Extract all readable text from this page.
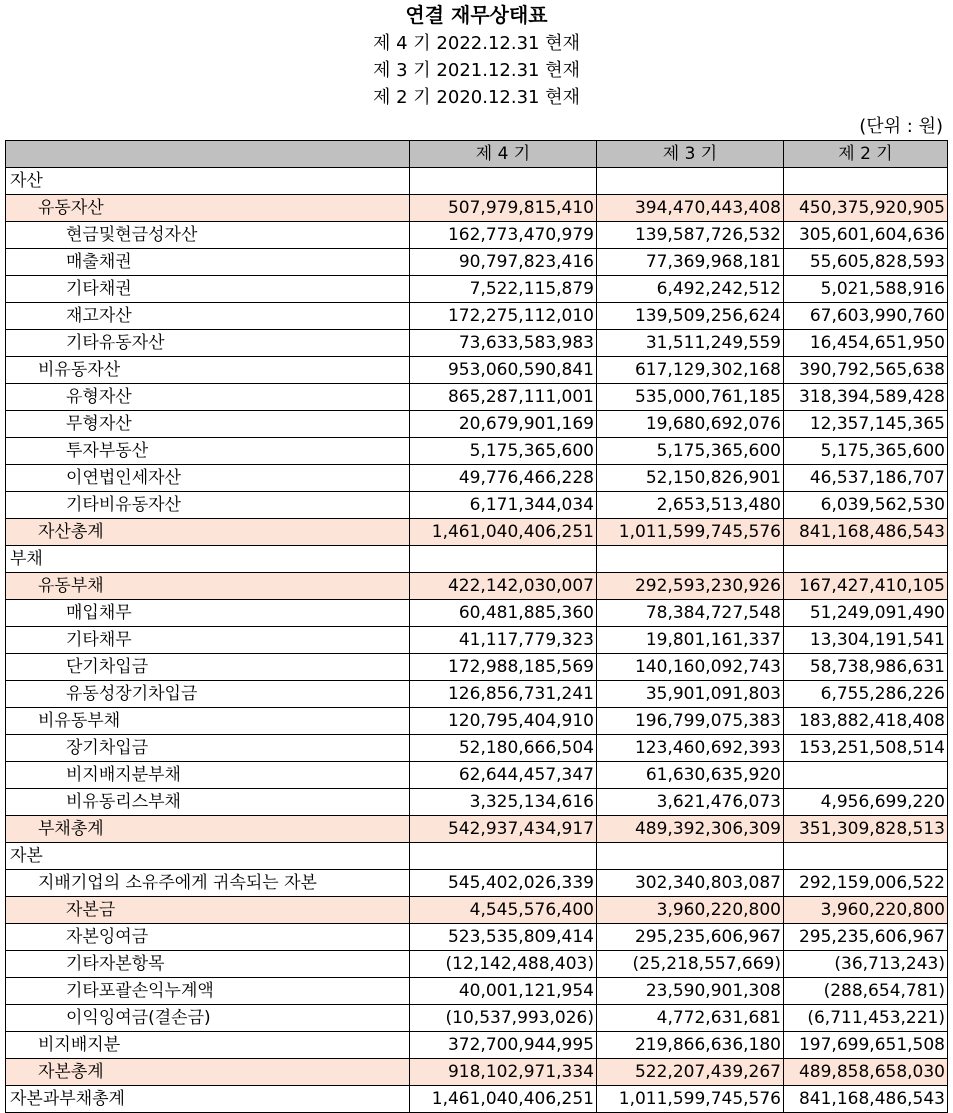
연결 재무상태표
제 4 기 2022.12.31 현재
제 3 기 2021.12.31 현재
제 2 기 2020.12.31 현재
(단위 : 원)
	제 4 기	제 3 기	제 2 기
자산			
유동자산	507,979,815,410	394,470,443,408	450,375,920,905
현금및현금성자산	162,773,470,979	139,587,726,532	305,601,604,636
매출채권	90,797,823,416	77,369,968,181	55,605,828,593
기타채권	7,522,115,879	6,492,242,512	5,021,588,916
재고자산	172,275,112,010	139,509,256,624	67,603,990,760
기타유동자산	73,633,583,983	31,511,249,559	16,454,651,950
비유동자산	953,060,590,841	617,129,302,168	390,792,565,638
유형자산	865,287,111,001	535,000,761,185	318,394,589,428
무형자산	20,679,901,169	19,680,692,076	12,357,145,365
투자부동산	5,175,365,600	5,175,365,600	5,175,365,600
이연법인세자산	49,776,466,228	52,150,826,901	46,537,186,707
기타비유동자산	6,171,344,034	2,653,513,480	6,039,562,530
자산총계	1,461,040,406,251	1,011,599,745,576	841,168,486,543
부채			
유동부채	422,142,030,007	292,593,230,926	167,427,410,105
매입채무	60,481,885,360	78,384,727,548	51,249,091,490
기타채무	41,117,779,323	19,801,161,337	13,304,191,541
단기차입금	172,988,185,569	140,160,092,743	58,738,986,631
유동성장기차입금	126,856,731,241	35,901,091,803	6,755,286,226
비유동부채	120,795,404,910	196,799,075,383	183,882,418,408
장기차입금	52,180,666,504	123,460,692,393	153,251,508,514
비지배지분부채	62,644,457,347	61,630,635,920	
비유동리스부채	3,325,134,616	3,621,476,073	4,956,699,220
부채총계	542,937,434,917	489,392,306,309	351,309,828,513
자본			
지배기업의 소유주에게 귀속되는 자본	545,402,026,339	302,340,803,087	292,159,006,522
자본금	4,545,576,400	3,960,220,800	3,960,220,800
자본잉여금	523,535,809,414	295,235,606,967	295,235,606,967
기타자본항목	(12,142,488,403)	(25,218,557,669)	(36,713,243)
기타포괄손익누계액	40,001,121,954	23,590,901,308	(288,654,781)
이익잉여금(결손금)	(10,537,993,026)	4,772,631,681	(6,711,453,221)
비지배지분	372,700,944,995	219,866,636,180	197,699,651,508
자본총계	918,102,971,334	522,207,439,267	489,858,658,030
자본과부채총계	1,461,040,406,251	1,011,599,745,576	841,168,486,543
